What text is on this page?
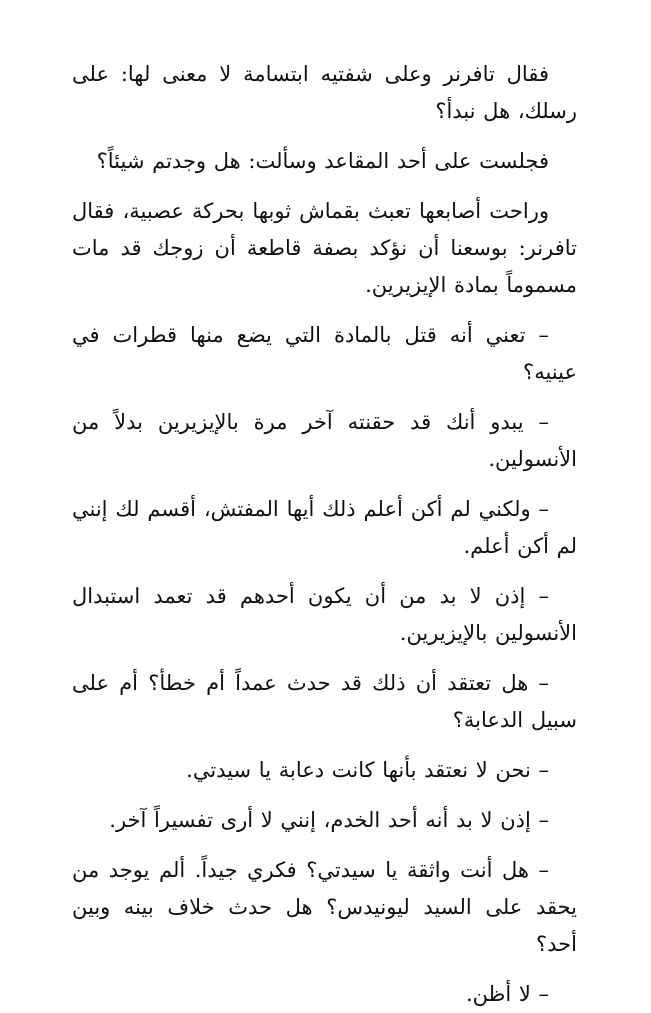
فقال تافرنر وعلى شفتيه ابتسامة لا معنى لها: على رسلك، هل نبدأ؟

فجلست على أحد المقاعد وسألت: هل وجدتم شيئاً؟

وراحت أصابعها تعبث بقماش ثوبها بحركة عصبية، فقال تافرنر: بوسعنا أن نؤكد بصفة قاطعة أن زوجك قد مات مسموماً بمادة الإيزيرين.

– تعني أنه قتل بالمادة التي يضع منها قطرات في عينيه؟

– يبدو أنك قد حقنته آخر مرة بالإيزيرين بدلاً من الأنسولين.

– ولكني لم أكن أعلم ذلك أيها المفتش، أقسم لك إنني لم أكن أعلم.

– إذن لا بد من أن يكون أحدهم قد تعمد استبدال الأنسولين بالإيزيرين.

– هل تعتقد أن ذلك قد حدث عمداً أم خطأ؟ أم على سبيل الدعابة؟

– نحن لا نعتقد بأنها كانت دعابة يا سيدتي.

– إذن لا بد أنه أحد الخدم، إنني لا أرى تفسيراً آخر.

– هل أنت واثقة يا سيدتي؟ فكري جيداً. ألم يوجد من يحقد على السيد ليونيدس؟ هل حدث خلاف بينه وبين أحد؟

– لا أظن.
